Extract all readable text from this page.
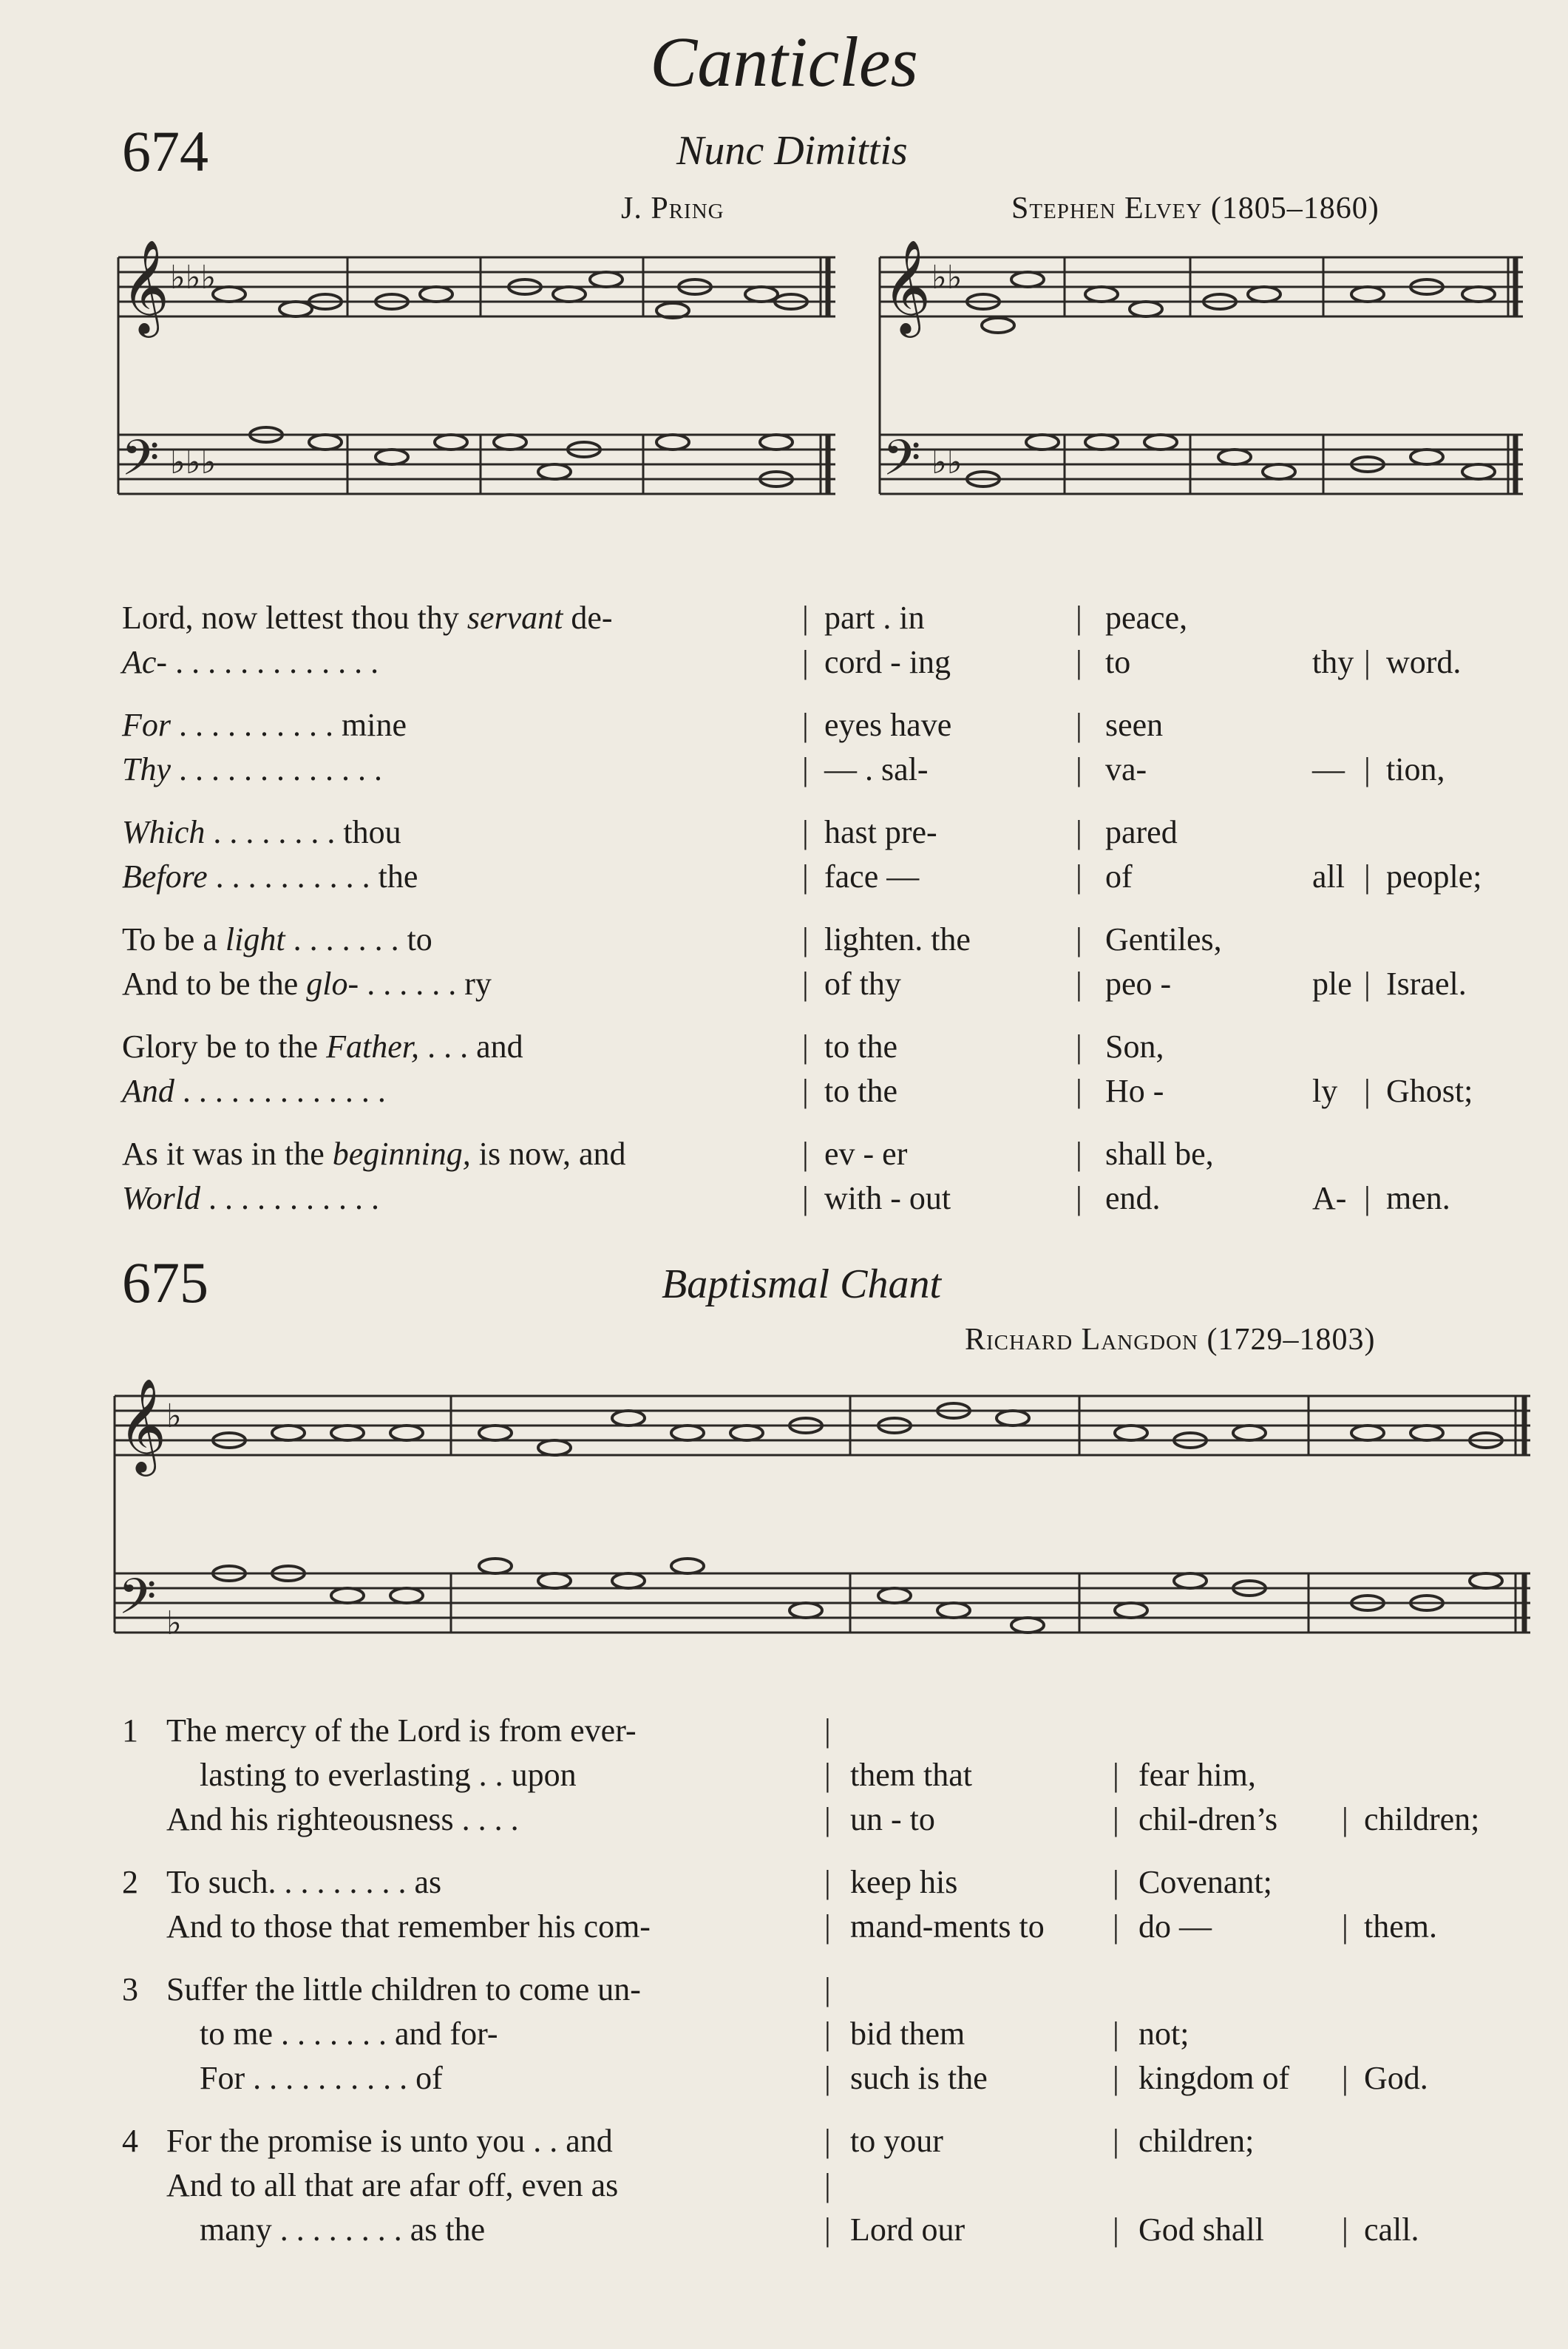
Canticles
674	Nunc Dimittis
J. Pring	Stephen Elvey (1805–1860)
𝄞
𝄢
𝄞
𝄢
♭♭♭
♭♭♭
♭♭
♭♭
Lord, now lettest thou thy servant de-	| part . in	| peace,
Ac- . . . . . . . . . . . . .	| cord - ing	| to	thy | word.
For . . . . . . . . . . mine	| eyes have	| seen
Thy . . . . . . . . . . . . .	| — . sal-	| va-	— | tion,
Which . . . . . . . . thou	| hast pre-	| pared
Before . . . . . . . . . . the	| face —	| of	all | people;
To be a light . . . . . . . to	| lighten. the	| Gentiles,
And to be the glo- . . . . . . ry	| of thy	| peo -	ple | Israel.
Glory be to the Father, . . . and	| to the	| Son,
And . . . . . . . . . . . . .	| to the	| Ho -	ly | Ghost;
As it was in the beginning, is now, and	| ev - er	| shall be,
World . . . . . . . . . . .	| with - out	| end.	A- | men.
675	Baptismal Chant
Richard Langdon (1729–1803)
𝄞
𝄢
♭
♭
1 The mercy of the Lord is from ever-	|
lasting to everlasting . . upon	| them that	| fear him,
And his righteousness . . . .	| un - to	| chil-dren’s | children;
2 To such. . . . . . . . . as	| keep his	| Covenant;
And to those that remember his com-	| mand-ments to | do —	| them.
3 Suffer the little children to come un-	|
to me . . . . . . . and for-	| bid them	| not;
For . . . . . . . . . . of	| such is the	| kingdom of | God.
4 For the promise is unto you . . and	| to your	| children;
And to all that are afar off, even as	|
many . . . . . . . . as the	| Lord our	| God shall | call.
